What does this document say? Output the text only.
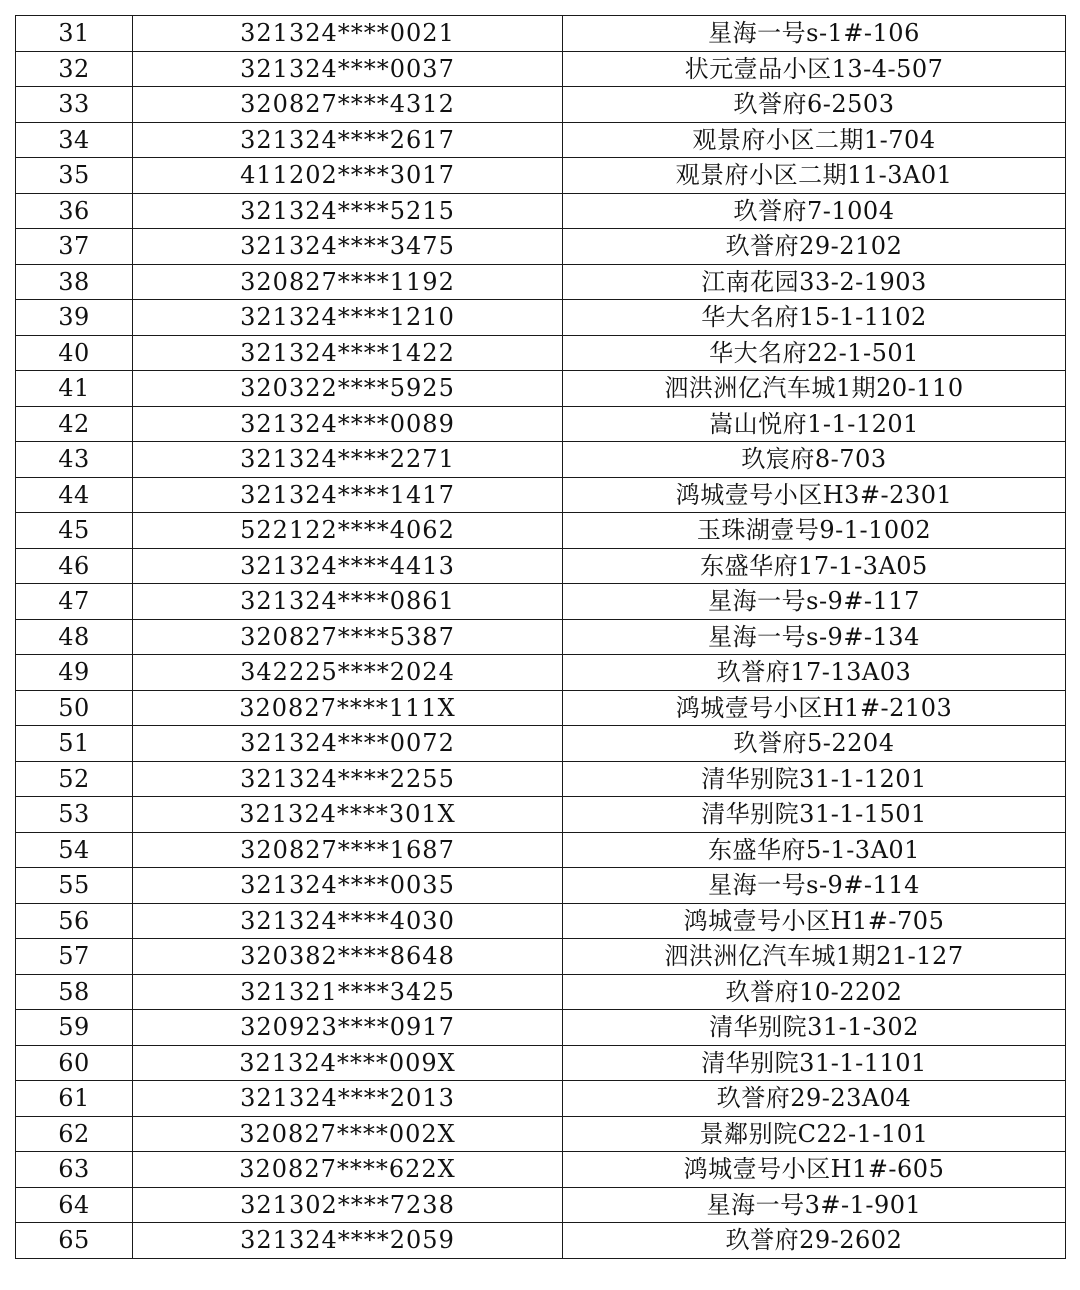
31	321324****0021	星海一号s-1#-106
32	321324****0037	状元壹品小区13-4-507
33	320827****4312	玖誉府6-2503
34	321324****2617	观景府小区二期1-704
35	411202****3017	观景府小区二期11-3A01
36	321324****5215	玖誉府7-1004
37	321324****3475	玖誉府29-2102
38	320827****1192	江南花园33-2-1903
39	321324****1210	华大名府15-1-1102
40	321324****1422	华大名府22-1-501
41	320322****5925	泗洪洲亿汽车城1期20-110
42	321324****0089	嵩山悦府1-1-1201
43	321324****2271	玖宸府8-703
44	321324****1417	鸿城壹号小区H3#-2301
45	522122****4062	玉珠湖壹号9-1-1002
46	321324****4413	东盛华府17-1-3A05
47	321324****0861	星海一号s-9#-117
48	320827****5387	星海一号s-9#-134
49	342225****2024	玖誉府17-13A03
50	320827****111X	鸿城壹号小区H1#-2103
51	321324****0072	玖誉府5-2204
52	321324****2255	清华别院31-1-1201
53	321324****301X	清华别院31-1-1501
54	320827****1687	东盛华府5-1-3A01
55	321324****0035	星海一号s-9#-114
56	321324****4030	鸿城壹号小区H1#-705
57	320382****8648	泗洪洲亿汽车城1期21-127
58	321321****3425	玖誉府10-2202
59	320923****0917	清华别院31-1-302
60	321324****009X	清华别院31-1-1101
61	321324****2013	玖誉府29-23A04
62	320827****002X	景鄰别院C22-1-101
63	320827****622X	鸿城壹号小区H1#-605
64	321302****7238	星海一号3#-1-901
65	321324****2059	玖誉府29-2602
